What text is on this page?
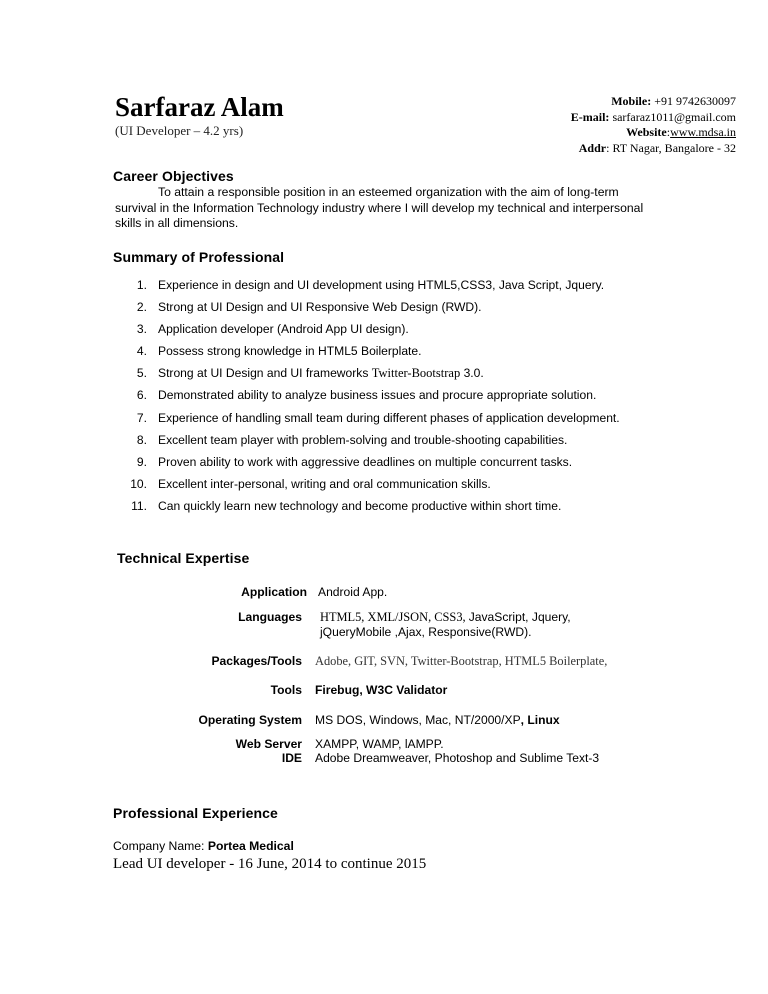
Sarfaraz Alam
(UI Developer – 4.2 yrs)
Mobile: +91 9742630097
E-mail: sarfaraz1011@gmail.com
Website:www.mdsa.in
Addr: RT Nagar, Bangalore - 32
Career Objectives
To attain a responsible position in an esteemed organization with the aim of long-term
survival in the Information Technology industry where I will develop my technical and interpersonal
skills in all dimensions.
Summary of Professional
1. Experience in design and UI development using HTML5,CSS3, Java Script, Jquery.
2. Strong at UI Design and UI Responsive Web Design (RWD).
3. Application developer (Android App UI design).
4. Possess strong knowledge in HTML5 Boilerplate.
5. Strong at UI Design and UI frameworks Twitter-Bootstrap 3.0.
6. Demonstrated ability to analyze business issues and procure appropriate solution.
7. Experience of handling small team during different phases of application development.
8. Excellent team player with problem-solving and trouble-shooting capabilities.
9. Proven ability to work with aggressive deadlines on multiple concurrent tasks.
10. Excellent inter-personal, writing and oral communication skills.
11. Can quickly learn new technology and become productive within short time.
Technical Expertise
Application Android App.
Languages HTML5, XML/JSON, CSS3, JavaScript, Jquery,
jQueryMobile ,Ajax, Responsive(RWD).
Packages/Tools Adobe, GIT, SVN, Twitter-Bootstrap, HTML5 Boilerplate,
Tools Firebug, W3C Validator
Operating System MS DOS, Windows, Mac, NT/2000/XP, Linux
Web Server XAMPP, WAMP, lAMPP.
IDE Adobe Dreamweaver, Photoshop and Sublime Text-3
Professional Experience
Company Name: Portea Medical
Lead UI developer - 16 June, 2014 to continue 2015
